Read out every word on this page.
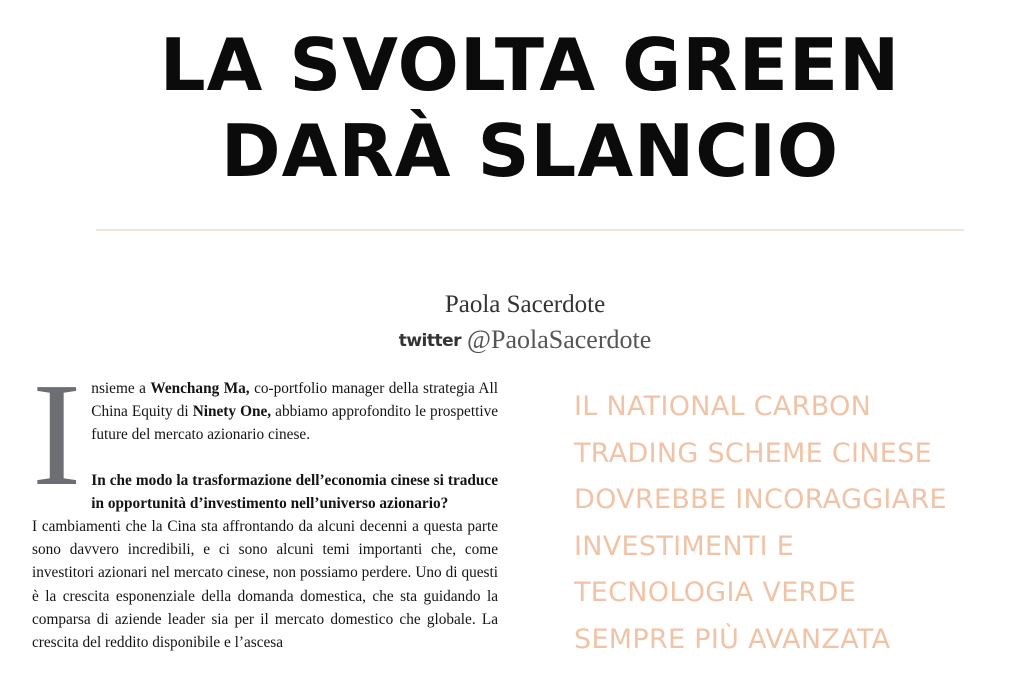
LA SVOLTA GREEN
DARÀ SLANCIO
Paola Sacerdote
twitter @PaolaSacerdote
I nsieme a Wenchang Ma, co-portfolio manager della strategia All China Equity di Ninety One, abbiamo approfondito le prospettive future del mercato azionario cinese.

In che modo la trasformazione dell’economia cinese si traduce in opportunità d’investimento nell’universo azionario?

I cambiamenti che la Cina sta affrontando da alcuni decenni a questa parte sono davvero incredibili, e ci sono alcuni temi importanti che, come investitori azionari nel mercato cinese, non possiamo perdere. Uno di questi è la crescita esponenziale della domanda domestica, che sta guidando la comparsa di aziende leader sia per il mercato domestico che globale. La crescita del reddito disponibile e l’ascesa

IL NATIONAL CARBON
TRADING SCHEME CINESE
DOVREBBE INCORAGGIARE
INVESTIMENTI E
TECNOLOGIA VERDE
SEMPRE PIÙ AVANZATA
